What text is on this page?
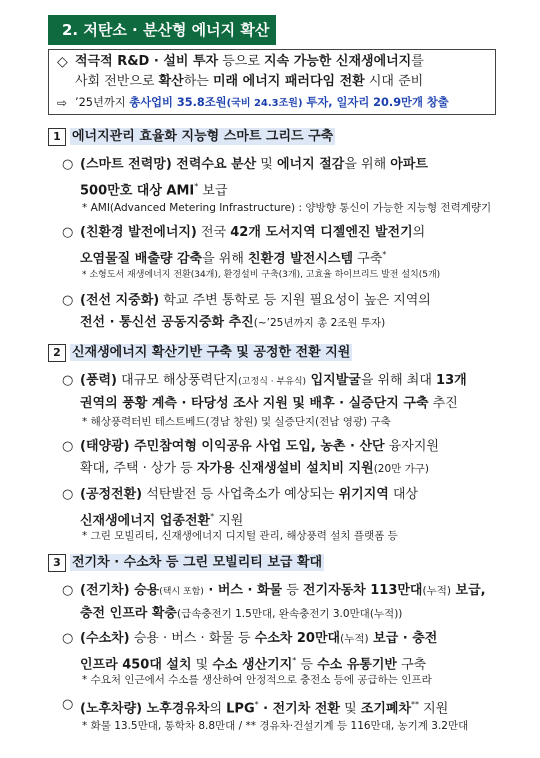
2. 저탄소 · 분산형 에너지 확산
◇ 적극적 R&D · 설비 투자 등으로 지속 가능한 신재생에너지를
사회 전반으로 확산하는 미래 에너지 패러다임 전환 시대 준비
⇨ ’25년까지 총사업비 35.8조원(국비 24.3조원) 투자, 일자리 20.9만개 창출
1 에너지관리 효율화 지능형 스마트 그리드 구축
○ (스마트 전력망) 전력수요 분산 및 에너지 절감을 위해 아파트
500만호 대상 AMI* 보급
* AMI(Advanced Metering Infrastructure) : 양방향 통신이 가능한 지능형 전력계량기
○ (친환경 발전에너지) 전국 42개 도서지역 디젤엔진 발전기의
오염물질 배출량 감축을 위해 친환경 발전시스템 구축*
* 소형도서 재생에너지 전환(34개), 환경설비 구축(3개), 고효율 하이브리드 발전 설치(5개)
○ (전선 지중화) 학교 주변 통학로 등 지원 필요성이 높은 지역의
전선 · 통신선 공동지중화 추진(~’25년까지 총 2조원 투자)
2 신재생에너지 확산기반 구축 및 공정한 전환 지원
○ (풍력) 대규모 해상풍력단지(고정식 · 부유식) 입지발굴을 위해 최대 13개
권역의 풍황 계측 · 타당성 조사 지원 및 배후 · 실증단지 구축 추진
* 해상풍력터빈 테스트베드(경남 창원) 및 실증단지(전남 영광) 구축
○ (태양광) 주민참여형 이익공유 사업 도입, 농촌 · 산단 융자지원
확대, 주택 · 상가 등 자가용 신재생설비 설치비 지원(20만 가구)
○ (공정전환) 석탄발전 등 사업축소가 예상되는 위기지역 대상
신재생에너지 업종전환* 지원
* 그린 모빌리티, 신재생에너지 디지털 관리, 해상풍력 설치 플랫폼 등
3 전기차 · 수소차 등 그린 모빌리티 보급 확대
○ (전기차) 승용(택시 포함) · 버스 · 화물 등 전기자동차 113만대(누적) 보급,
충전 인프라 확충(급속충전기 1.5만대, 완속충전기 3.0만대(누적))
○ (수소차) 승용 · 버스 · 화물 등 수소차 20만대(누적) 보급 · 충전
인프라 450대 설치 및 수소 생산기지* 등 수소 유통기반 구축
* 수요처 인근에서 수소를 생산하여 안정적으로 충전소 등에 공급하는 인프라
○ (노후차량) 노후경유차의 LPG* · 전기차 전환 및 조기폐차** 지원
* 화물 13.5만대, 통학차 8.8만대 / ** 경유차·건설기계 등 116만대, 농기계 3.2만대
